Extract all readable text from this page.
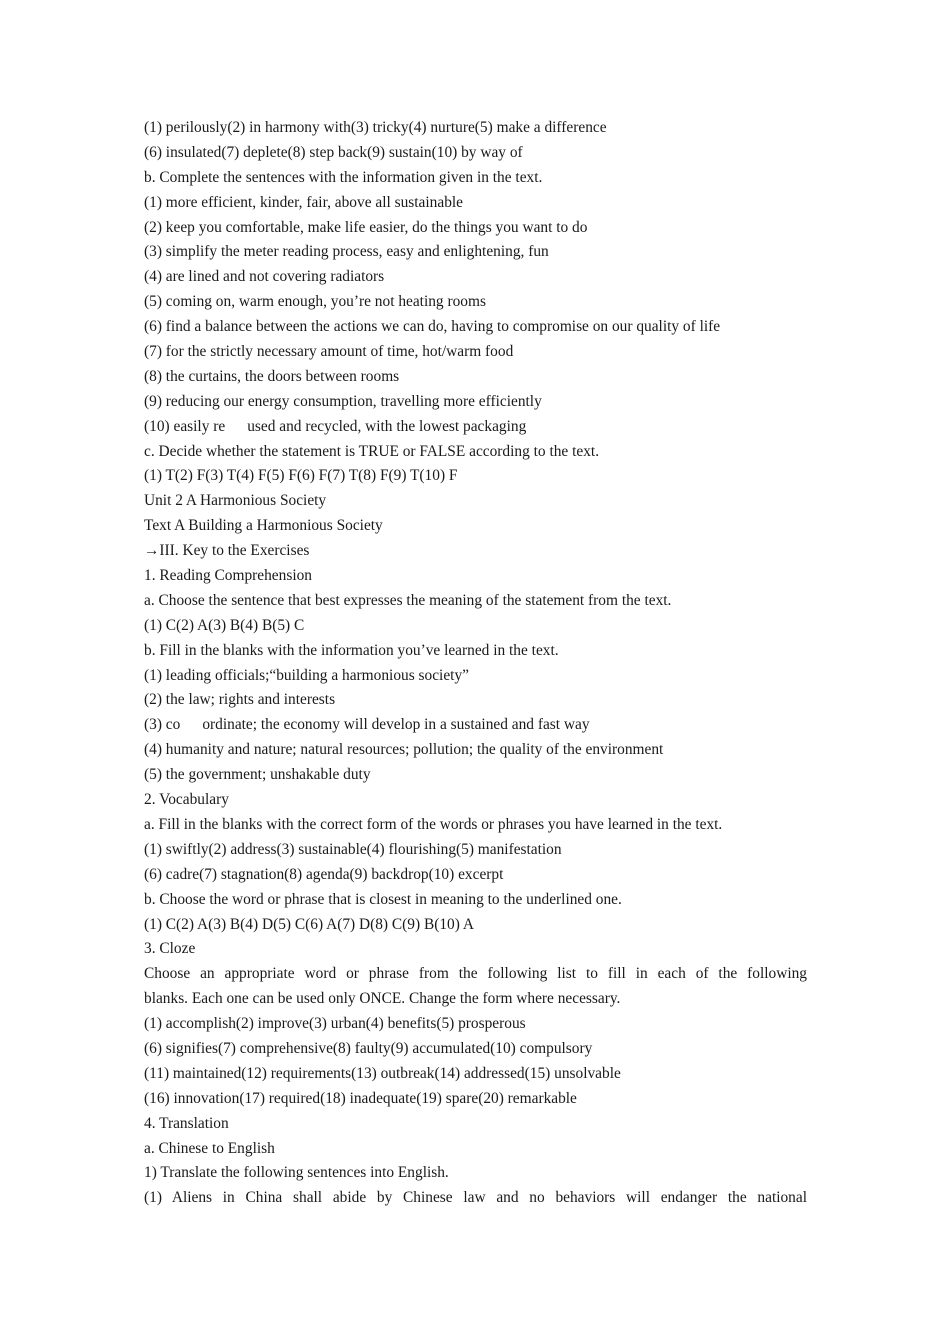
(1) perilously(2) in harmony with(3) tricky(4) nurture(5) make a difference
(6) insulated(7) deplete(8) step back(9) sustain(10) by way of
b. Complete the sentences with the information given in the text.
(1) more efficient, kinder, fair, above all sustainable
(2) keep you comfortable, make life easier, do the things you want to do
(3) simplify the meter reading process, easy and enlightening, fun
(4) are lined and not covering radiators
(5) coming on, warm enough, you’re not heating rooms
(6) find a balance between the actions we can do, having to compromise on our quality of life
(7) for the strictly necessary amount of time, hot/warm food
(8) the curtains, the doors between rooms
(9) reducing our energy consumption, travelling more efficiently
(10) easily re used and recycled, with the lowest packaging
c. Decide whether the statement is TRUE or FALSE according to the text.
(1) T(2) F(3) T(4) F(5) F(6) F(7) T(8) F(9) T(10) F
Unit 2 A Harmonious Society
Text A Building a Harmonious Society
→III. Key to the Exercises
1. Reading Comprehension
a. Choose the sentence that best expresses the meaning of the statement from the text.
(1) C(2) A(3) B(4) B(5) C
b. Fill in the blanks with the information you’ve learned in the text.
(1) leading officials;“building a harmonious society”
(2) the law; rights and interests
(3) co ordinate; the economy will develop in a sustained and fast way
(4) humanity and nature; natural resources; pollution; the quality of the environment
(5) the government; unshakable duty
2. Vocabulary
a. Fill in the blanks with the correct form of the words or phrases you have learned in the text.
(1) swiftly(2) address(3) sustainable(4) flourishing(5) manifestation
(6) cadre(7) stagnation(8) agenda(9) backdrop(10) excerpt
b. Choose the word or phrase that is closest in meaning to the underlined one.
(1) C(2) A(3) B(4) D(5) C(6) A(7) D(8) C(9) B(10) A
3. Cloze
Choose an appropriate word or phrase from the following list to fill in each of the following
blanks. Each one can be used only ONCE. Change the form where necessary.
(1) accomplish(2) improve(3) urban(4) benefits(5) prosperous
(6) signifies(7) comprehensive(8) faulty(9) accumulated(10) compulsory
(11) maintained(12) requirements(13) outbreak(14) addressed(15) unsolvable
(16) innovation(17) required(18) inadequate(19) spare(20) remarkable
4. Translation
a. Chinese to English
1) Translate the following sentences into English.
(1) Aliens in China shall abide by Chinese law and no behaviors will endanger the national
